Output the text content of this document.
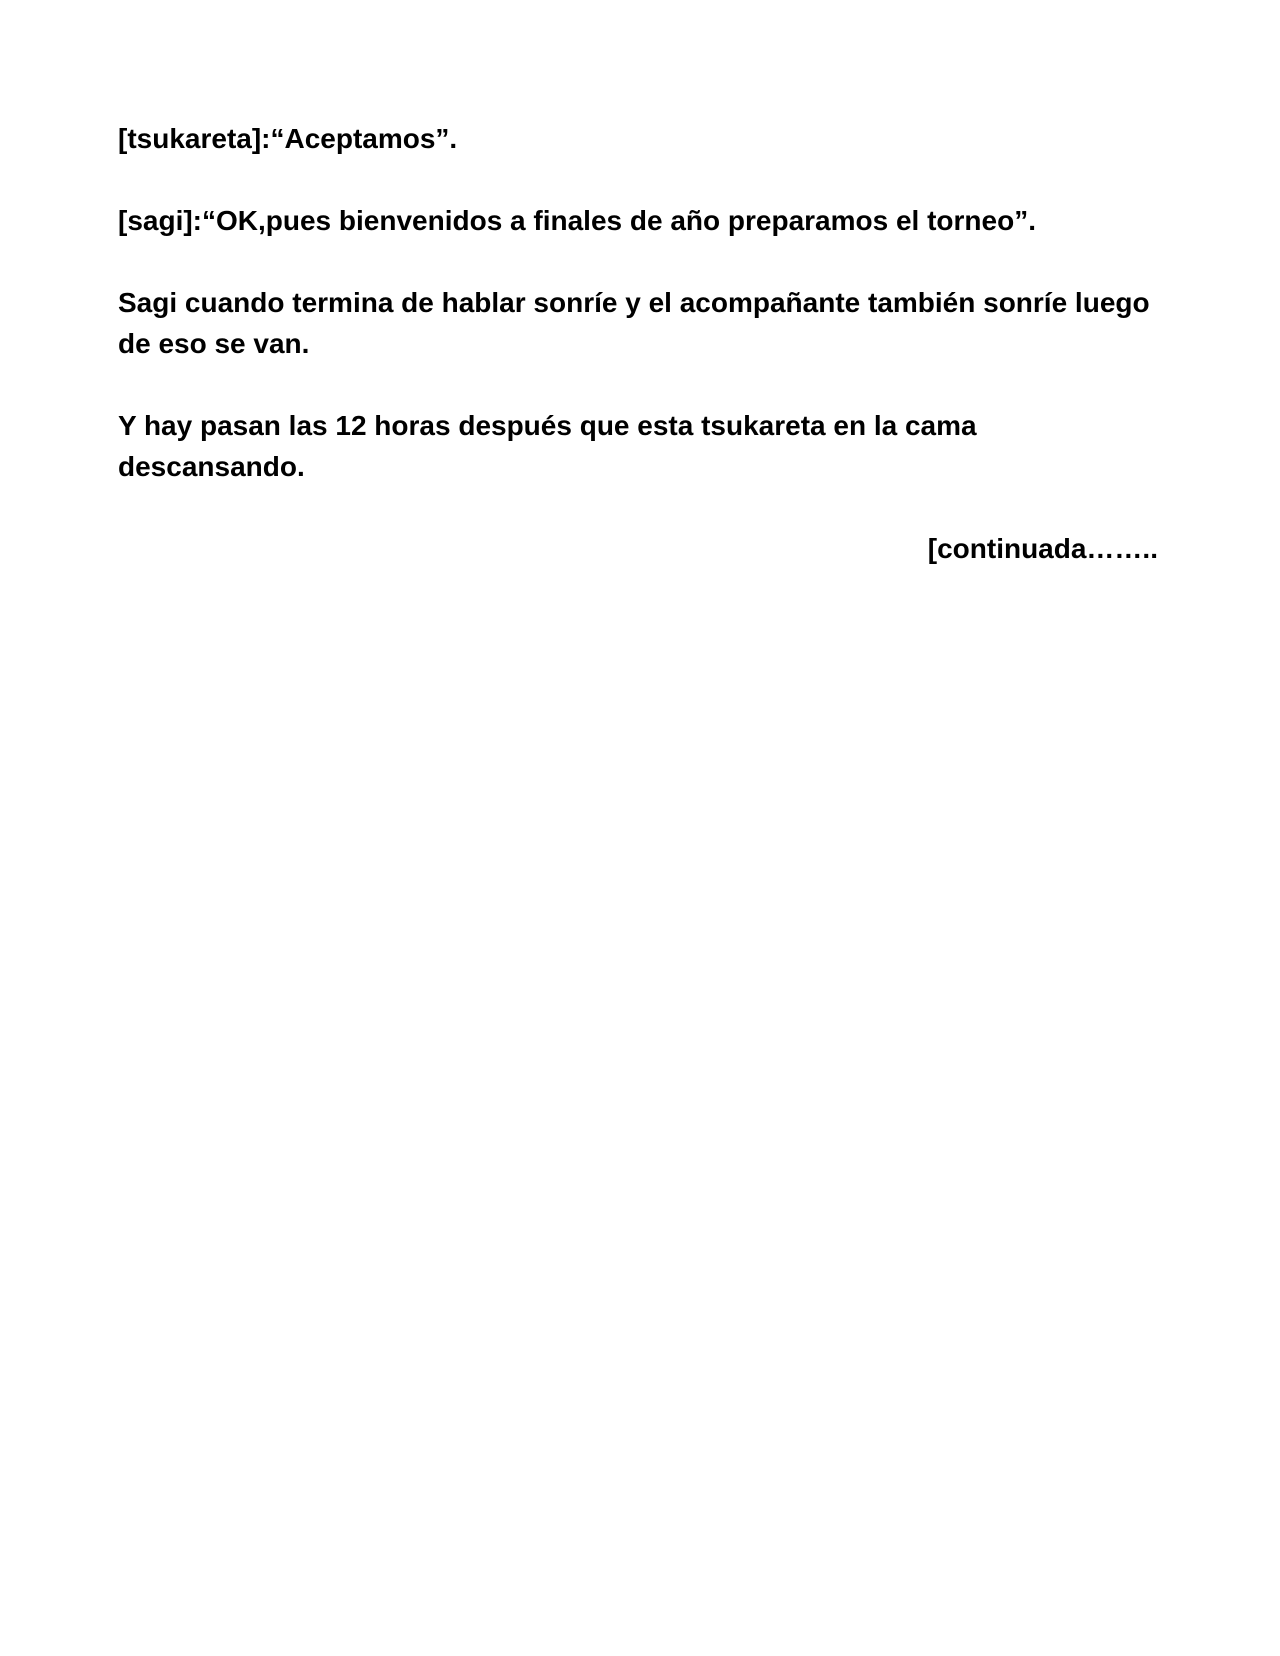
[tsukareta]:“Aceptamos”.

[sagi]:“OK,pues bienvenidos a finales de año preparamos el torneo”.

Sagi cuando termina de hablar sonríe y el acompañante también sonríe luego de eso se van.

Y hay pasan las 12 horas después que esta tsukareta en la cama descansando.

[continuada……..
